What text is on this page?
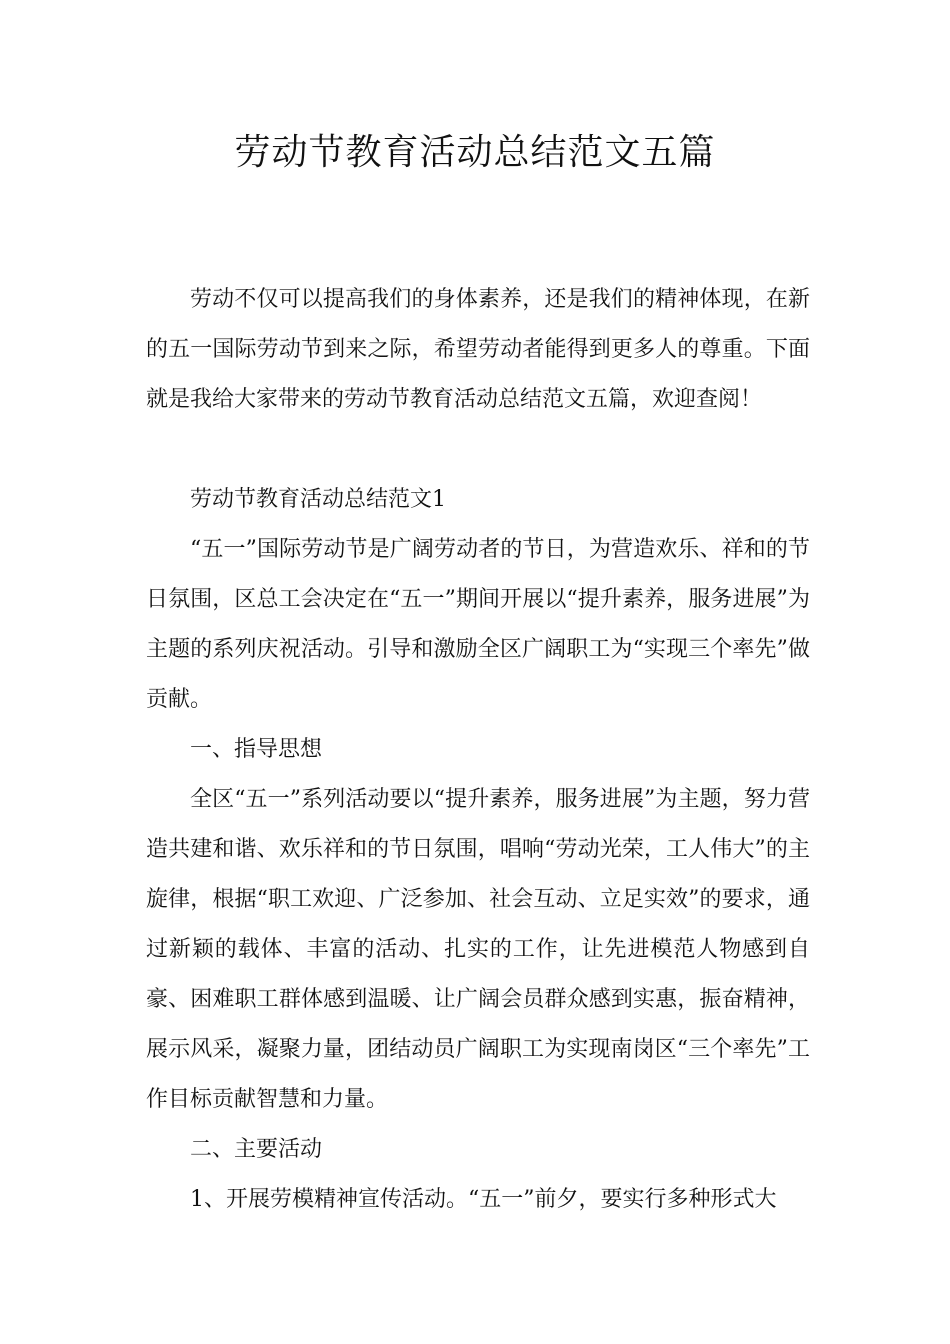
劳动节教育活动总结范文五篇

劳动不仅可以提高我们的身体素养，还是我们的精神体现，在新的五一国际劳动节到来之际，希望劳动者能得到更多人的尊重。下面就是我给大家带来的劳动节教育活动总结范文五篇，欢迎查阅！

劳动节教育活动总结范文1

“五一”国际劳动节是广阔劳动者的节日，为营造欢乐、祥和的节日氛围，区总工会决定在“五一”期间开展以“提升素养，服务进展”为主题的系列庆祝活动。引导和激励全区广阔职工为“实现三个率先”做贡献。

一、指导思想

全区“五一”系列活动要以“提升素养，服务进展”为主题，努力营造共建和谐、欢乐祥和的节日氛围，唱响“劳动光荣，工人伟大”的主旋律，根据“职工欢迎、广泛参加、社会互动、立足实效”的要求，通过新颖的载体、丰富的活动、扎实的工作，让先进模范人物感到自豪、困难职工群体感到温暖、让广阔会员群众感到实惠，振奋精神，展示风采，凝聚力量，团结动员广阔职工为实现南岗区“三个率先”工作目标贡献智慧和力量。

二、主要活动

1、开展劳模精神宣传活动。“五一”前夕，要实行多种形式大
